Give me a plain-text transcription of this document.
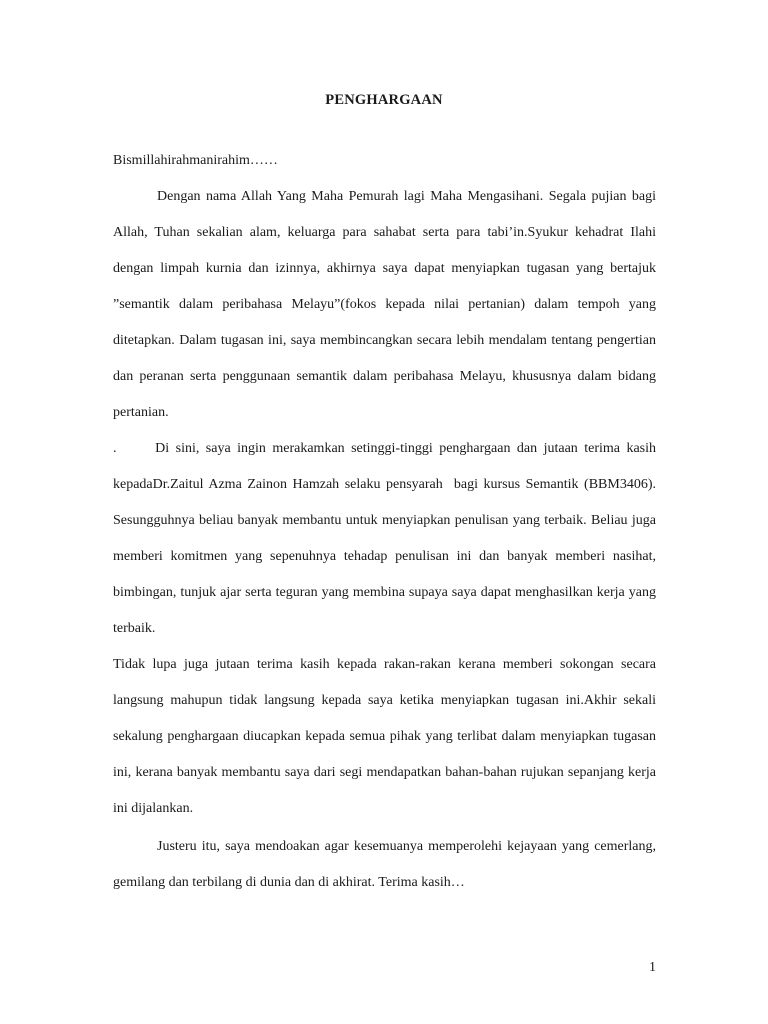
PENGHARGAAN

Bismillahirahmanirahim……

Dengan nama Allah Yang Maha Pemurah lagi Maha Mengasihani. Segala pujian bagi Allah, Tuhan sekalian alam, keluarga para sahabat serta para tabi’in.Syukur kehadrat Ilahi dengan limpah kurnia dan izinnya, akhirnya saya dapat menyiapkan tugasan yang bertajuk ”semantik dalam peribahasa Melayu”(fokos kepada nilai pertanian) dalam tempoh yang ditetapkan. Dalam tugasan ini, saya membincangkan secara lebih mendalam tentang pengertian dan peranan serta penggunaan semantik dalam peribahasa Melayu, khususnya dalam bidang pertanian.

.      Di sini, saya ingin merakamkan setinggi-tinggi penghargaan dan jutaan terima kasih kepadaDr.Zaitul Azma Zainon Hamzah selaku pensyarah  bagi kursus Semantik (BBM3406).  Sesungguhnya beliau banyak membantu untuk menyiapkan penulisan yang terbaik. Beliau juga memberi komitmen yang sepenuhnya tehadap penulisan ini dan banyak memberi nasihat, bimbingan, tunjuk ajar serta teguran yang membina supaya saya dapat menghasilkan kerja yang terbaik.

Tidak lupa juga jutaan terima kasih kepada rakan-rakan kerana memberi sokongan secara langsung mahupun tidak langsung kepada saya ketika menyiapkan tugasan ini.Akhir sekali sekalung penghargaan diucapkan kepada semua pihak yang terlibat dalam menyiapkan tugasan ini, kerana banyak membantu saya dari segi mendapatkan bahan-bahan rujukan sepanjang kerja ini dijalankan.

Justeru itu, saya mendoakan agar kesemuanya memperolehi kejayaan yang cemerlang, gemilang dan terbilang di dunia dan di akhirat. Terima kasih…

1
